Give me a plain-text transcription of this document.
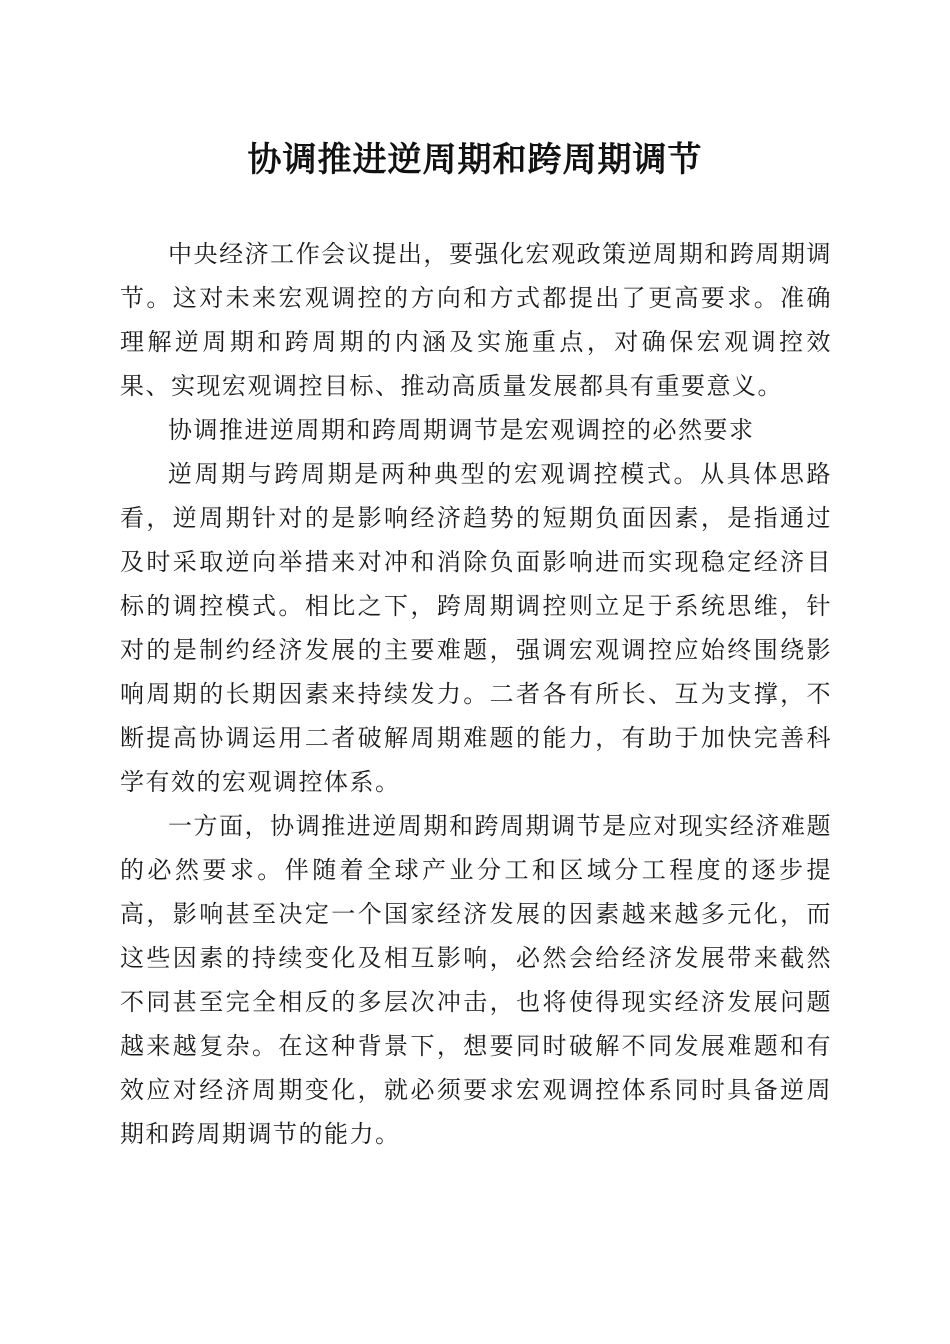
协调推进逆周期和跨周期调节

中央经济工作会议提出，要强化宏观政策逆周期和跨周期调节。这对未来宏观调控的方向和方式都提出了更高要求。准确理解逆周期和跨周期的内涵及实施重点，对确保宏观调控效果、实现宏观调控目标、推动高质量发展都具有重要意义。

协调推进逆周期和跨周期调节是宏观调控的必然要求

逆周期与跨周期是两种典型的宏观调控模式。从具体思路看，逆周期针对的是影响经济趋势的短期负面因素，是指通过及时采取逆向举措来对冲和消除负面影响进而实现稳定经济目标的调控模式。相比之下，跨周期调控则立足于系统思维，针对的是制约经济发展的主要难题，强调宏观调控应始终围绕影响周期的长期因素来持续发力。二者各有所长、互为支撑，不断提高协调运用二者破解周期难题的能力，有助于加快完善科学有效的宏观调控体系。

一方面，协调推进逆周期和跨周期调节是应对现实经济难题的必然要求。伴随着全球产业分工和区域分工程度的逐步提高，影响甚至决定一个国家经济发展的因素越来越多元化，而这些因素的持续变化及相互影响，必然会给经济发展带来截然不同甚至完全相反的多层次冲击，也将使得现实经济发展问题越来越复杂。在这种背景下，想要同时破解不同发展难题和有效应对经济周期变化，就必须要求宏观调控体系同时具备逆周期和跨周期调节的能力。
